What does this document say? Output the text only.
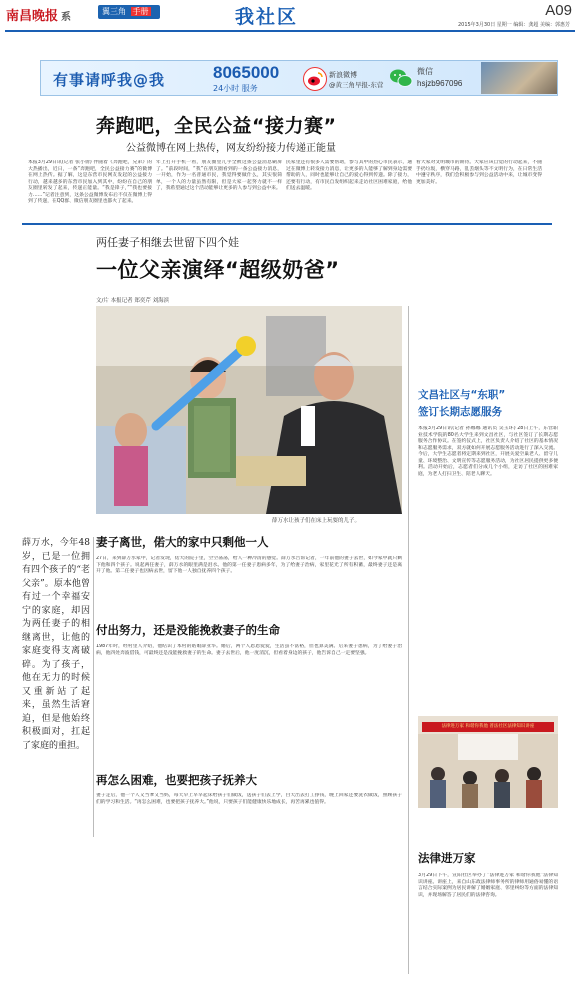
南昌晚报 系
翼三角 手册	我社区	A09
2015年3月30日 星期一 编辑：龚超 美编：郭惠芳
有事请呼我@我	8065000
24小时 服务
新浪微博
@黄三角早报-东营
微信
hsjzb967096
奔跑吧，全民公益“接力赛”
公益微博在网上热传，网友纷纷接力传递正能量
本报3月29日讯(记者 张小倩) 伴随着《奔跑吧，兄弟》的大热播出，近日，一条“奔跑吧，全民公益接力赛”的微博在网上热传。据了解，这是东营市民网友发起的公益接力行动，越来越多的东营市民加入到其中，纷纷在自己的朋友圈里转发了起来，传递正能量。“我是锋子，”“我也要接力……”记者注意到，这条公益微博发布后不仅在微博上得到了传递，在QQ群、微信朋友圈里也都火了起来。
年上打开手机一看，朋友圈里几乎全被这条公益消息刷屏了。“前段时间，“我”在朋友圈看到的一条公益接力消息，一开始，作为一名普通市民，我觉得要做什么，其实很简单，一个人的力量虽然有限，但是大家一起努力就不一样了，我希望通过这个活动能够让更多的人参与到公益中来。
民家里还有很多人需要帮助，参与其中的热心市民表示，通过在微博上转发接力消息，让更多的人能够了解到身边需要帮助的人，同时也能够让自己的爱心得到传递。除了接力，还要有行动，有市民自发组织起来走访社区困难家庭，给他们送去温暖。
看大家对文明城市的期待。大家应该自觉的行动起来，不随手扔垃圾，横穿马路，乱丢烟头等不文明行为，在日常生活中遵守秩序，我们会积极参与到公益活动中来，让城市变得更加美好。
两任妻子相继去世留下四个娃
一位父亲演绎“超级奶爸”
文/片 本报记者 郑奕芹 刘海滨
薛万水让孩子们在床上玩耍的儿子。
薛万水，今年48岁，已是一位拥有四个孩子的“老父亲”。原本他曾有过一个幸福安宁的家庭，却因为两任妻子的相继离世，让他的家庭变得支离破碎。为了孩子，他在无力的时候又重新站了起来，虽然生活窘迫，但是他始终积极面对，扛起了家庭的重担。
妻子离世，偌大的家中只剩他一人
27日，来到薛万水家中，记者发现，偌大的院子里，空空荡荡，给人一种冷清的感觉。薛万水告诉记者，一年前他的妻子去世，如今家中就只剩下他和四个孩子。说起两任妻子，薛万水的眼里满是泪水。他的第一任妻子患病多年，为了给妻子治病，家里花光了所有积蓄，最终妻子还是离开了他。第二任妻子也因病去世，留下他一人独自抚养四个孩子。
付出努力，还是没能挽救妻子的生命
1987年时，经村里人介绍，他结识了本村的姑娘薛亚华。婚后，两个人恩恩爱爱，生活虽不富裕，但也算美满。后来妻子患病，为了给妻子治病，他四处奔波借钱，可最终还是没能挽救妻子的生命。妻子去世后，他一度消沉，但看着身边的孩子，他告诉自己一定要坚强。
再怎么困难，也要把孩子抚养大
妻子走后，他一个人又当爹又当妈，每天早上早早起床给孩子们做饭，送孩子们去上学，白天出去打工挣钱，晚上回家还要洗衣做饭，照顾孩子们的学习和生活。“再怎么困难，也要把孩子抚养大。”他说，只要孩子们能健康快乐地成长，再苦再累也值得。
文昌社区与“东职”
签订长期志愿服务
本报3月29日讯(记者 孙娜娜 通讯员 吴玉环) 28日上午，东营职业技术学院的80名大学生来到文昌社区，与社区签订了长期志愿服务合作协议。在签约仪式上，社区负责人介绍了社区的基本情况和志愿服务需求，双方就如何开展志愿服务活动进行了深入交流。今后，大学生志愿者将定期来到社区，开展关爱空巢老人、留守儿童、环境整治、文明宣传等志愿服务活动，为社区居民提供更多便利。活动开始后，志愿者们分成几个小组，走访了社区的困难家庭，为老人打扫卫生、陪老人聊天。
法律进万家 和谐你我他 普法社区法律知识讲座
法律进万家
3月29日下午，宣阳社区举办了“法律进万家 和谐你我他”法律知识讲座。讲座上，来自山东政法律师事务所的律师用通俗易懂的语言结合实际案例为居民讲解了婚姻家庭、邻里纠纷等方面的法律知识，并现场解答了居民们的法律咨询。
